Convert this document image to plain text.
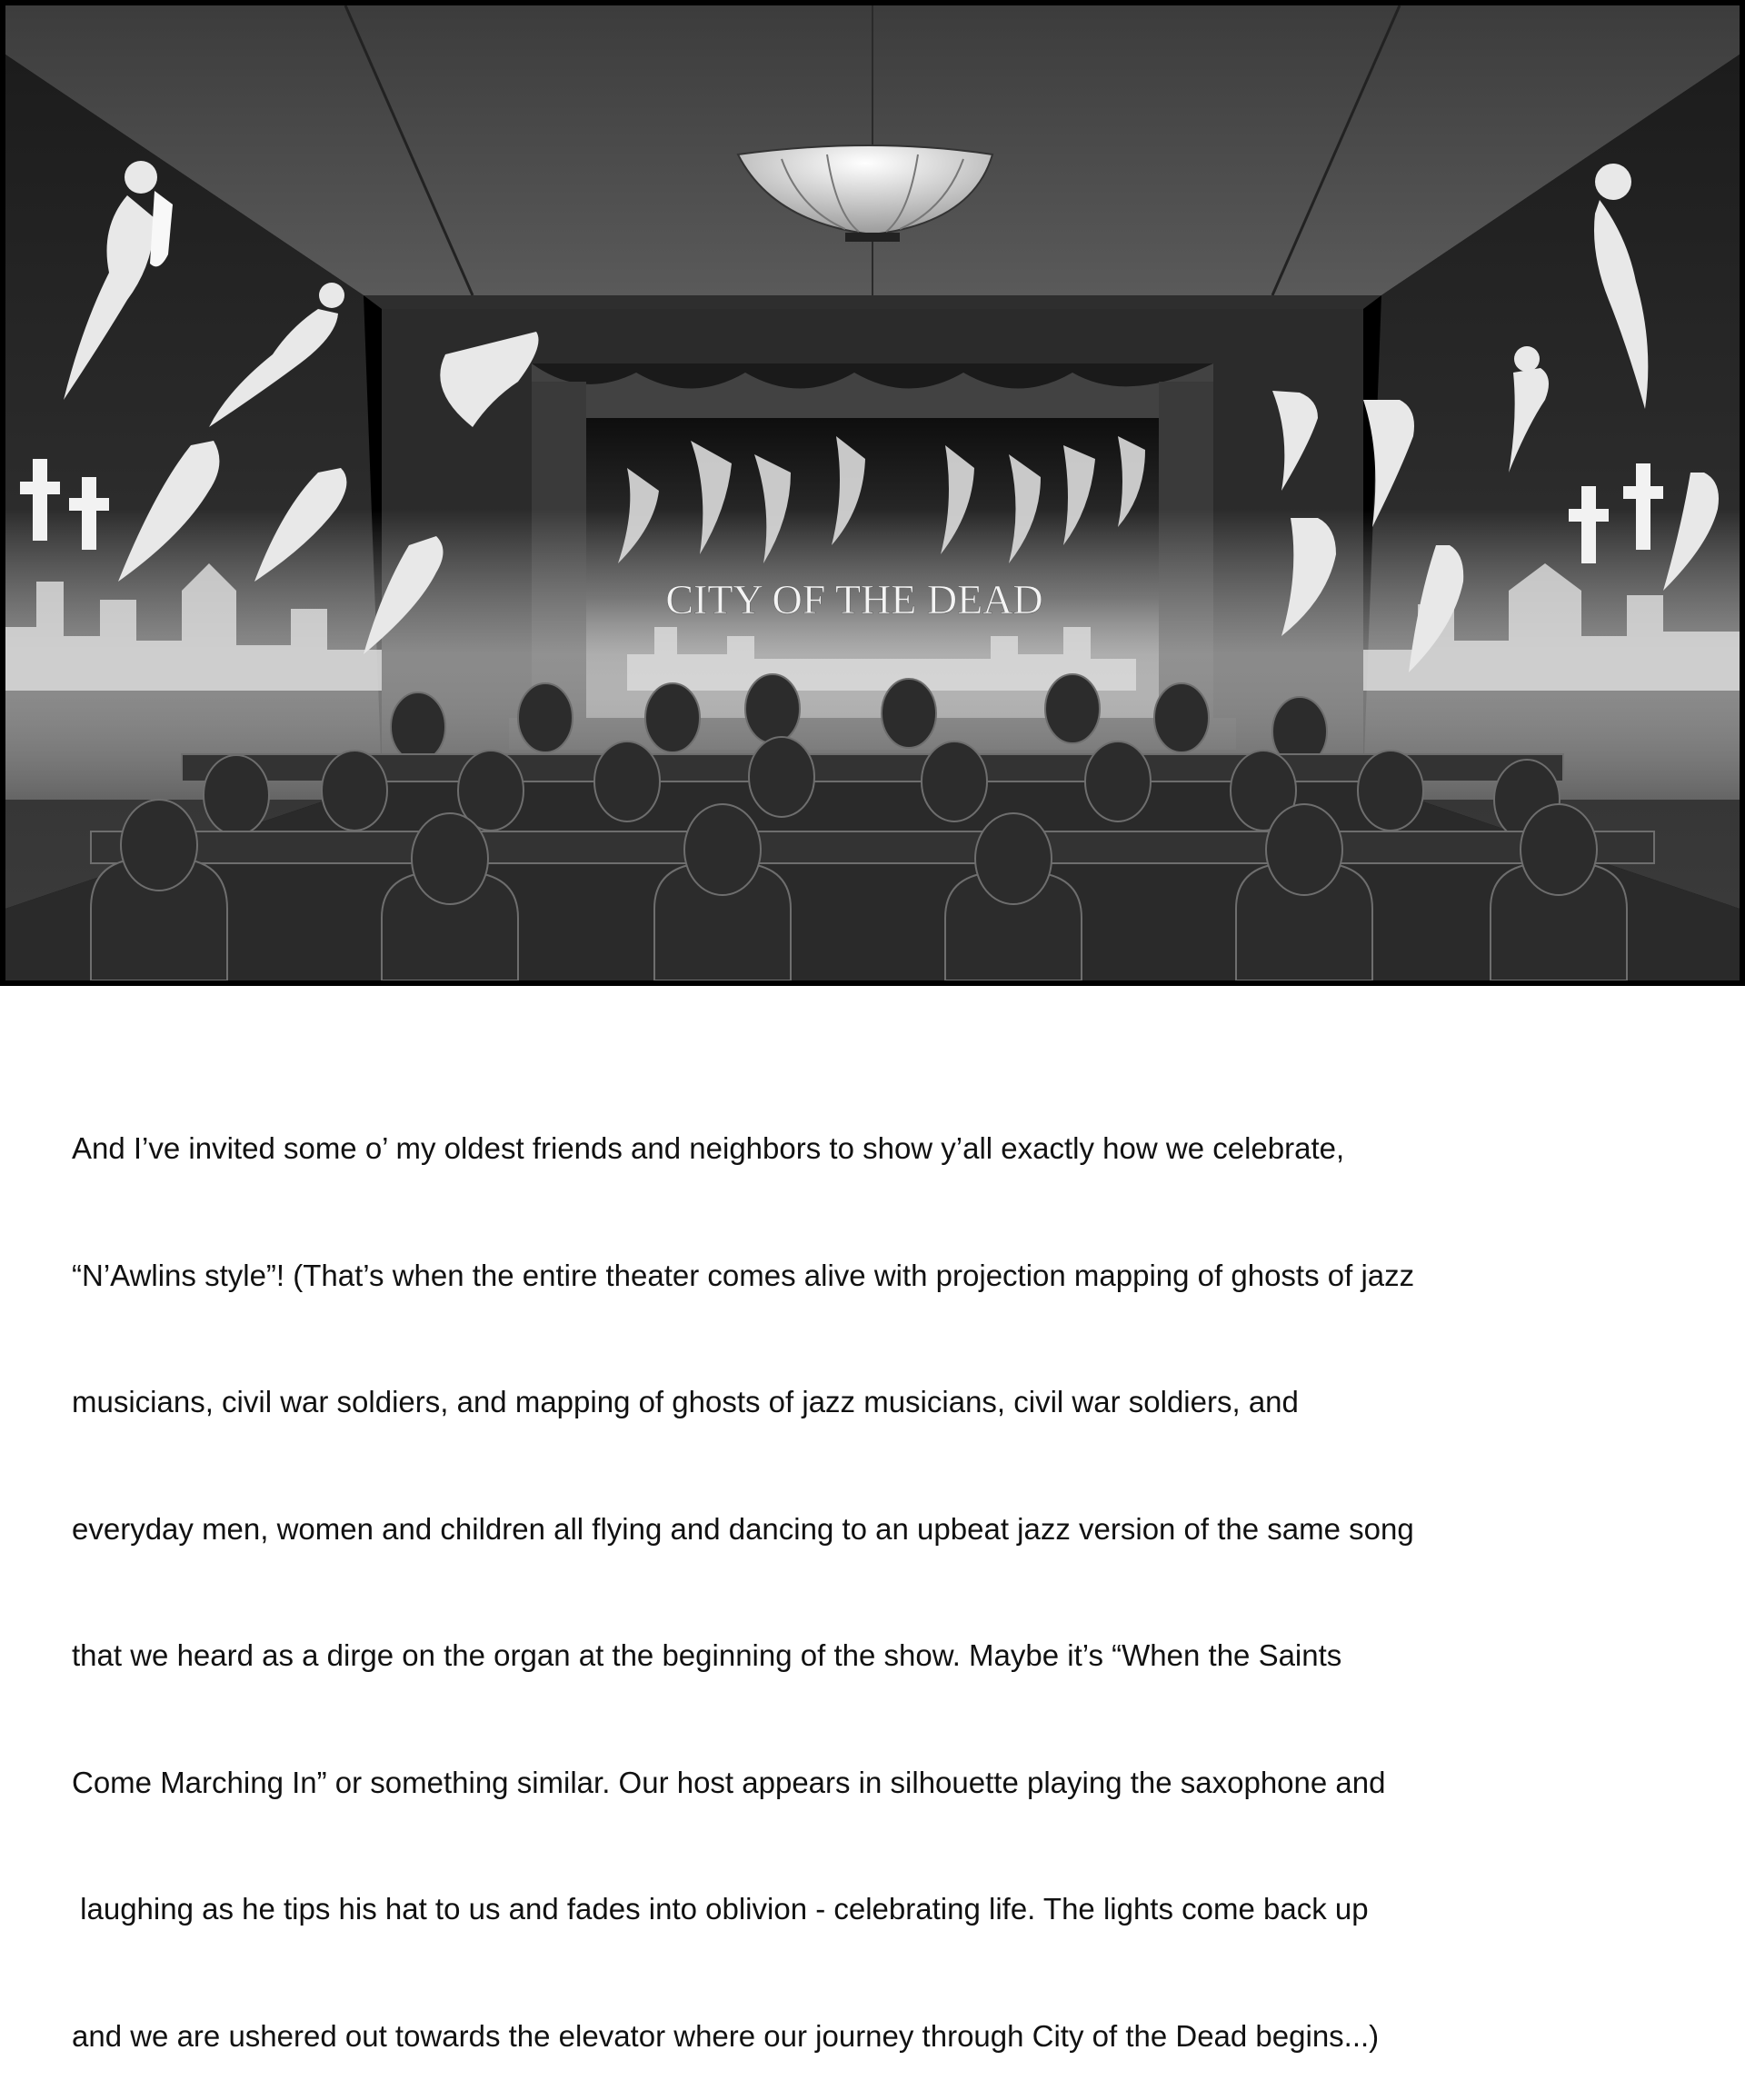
CITY OF THE DEAD

And I’ve invited some o’ my oldest friends and neighbors to show y’all exactly how we celebrate,

“N’Awlins style”! (That’s when the entire theater comes alive with projection mapping of ghosts of jazz

musicians, civil war soldiers, and mapping of ghosts of jazz musicians, civil war soldiers, and

everyday men, women and children all flying and dancing to an upbeat jazz version of the same song

that we heard as a dirge on the organ at the beginning of the show. Maybe it’s “When the Saints

Come Marching In” or something similar. Our host appears in silhouette playing the saxophone and

laughing as he tips his hat to us and fades into oblivion - celebrating life. The lights come back up

and we are ushered out towards the elevator where our journey through City of the Dead begins...)
